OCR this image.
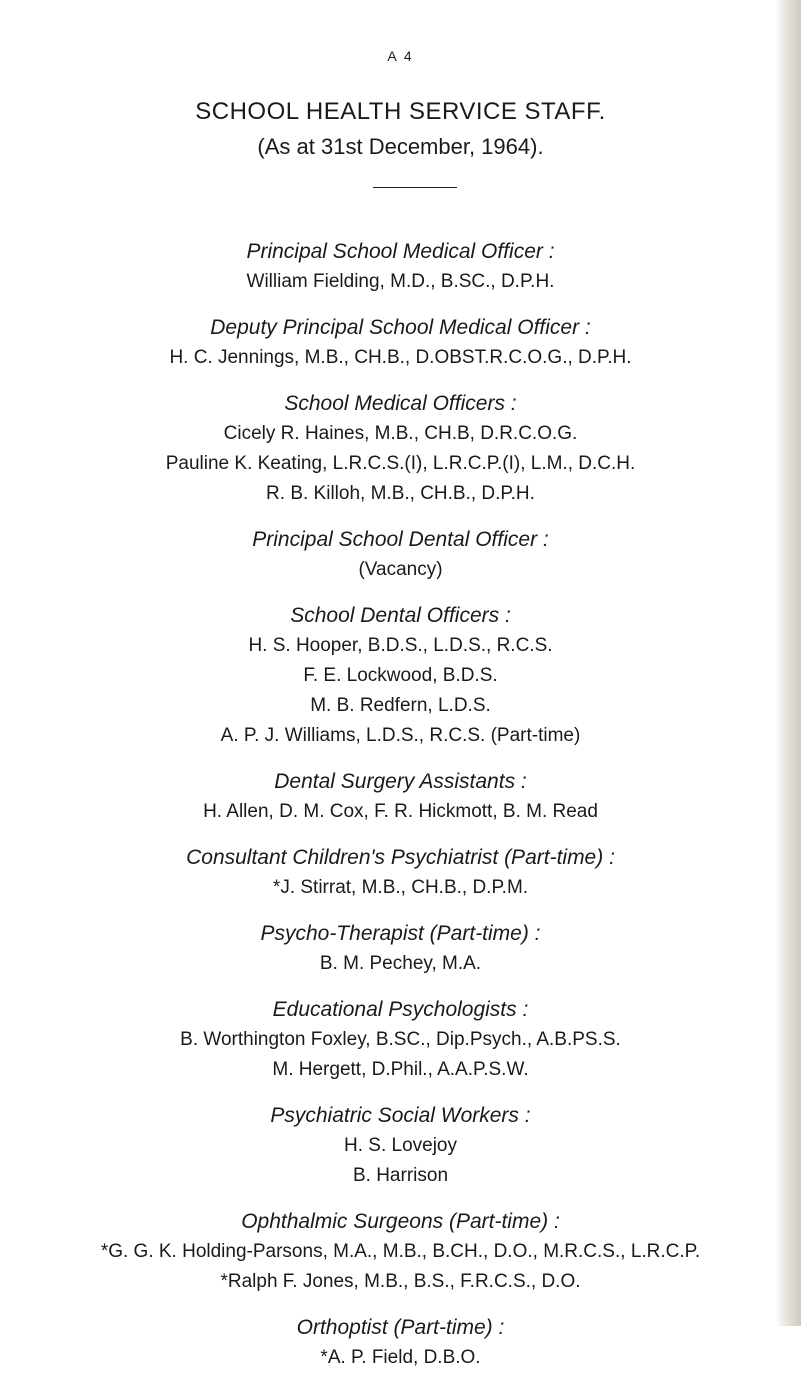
A 4
SCHOOL HEALTH SERVICE STAFF.
(As at 31st December, 1964).
Principal School Medical Officer :
William Fielding, M.D., B.SC., D.P.H.
Deputy Principal School Medical Officer :
H. C. Jennings, M.B., CH.B., D.OBST.R.C.O.G., D.P.H.
School Medical Officers :
Cicely R. Haines, M.B., CH.B, D.R.C.O.G.
Pauline K. Keating, L.R.C.S.(I), L.R.C.P.(I), L.M., D.C.H.
R. B. Killoh, M.B., CH.B., D.P.H.
Principal School Dental Officer :
(Vacancy)
School Dental Officers :
H. S. Hooper, B.D.S., L.D.S., R.C.S.
F. E. Lockwood, B.D.S.
M. B. Redfern, L.D.S.
A. P. J. Williams, L.D.S., R.C.S. (Part-time)
Dental Surgery Assistants :
H. Allen, D. M. Cox, F. R. Hickmott, B. M. Read
Consultant Children's Psychiatrist (Part-time) :
*J. Stirrat, M.B., CH.B., D.P.M.
Psycho-Therapist (Part-time) :
B. M. Pechey, M.A.
Educational Psychologists :
B. Worthington Foxley, B.SC., Dip.Psych., A.B.PS.S.
M. Hergett, D.Phil., A.A.P.S.W.
Psychiatric Social Workers :
H. S. Lovejoy
B. Harrison
Ophthalmic Surgeons (Part-time) :
*G. G. K. Holding-Parsons, M.A., M.B., B.CH., D.O., M.R.C.S., L.R.C.P.
*Ralph F. Jones, M.B., B.S., F.R.C.S., D.O.
Orthoptist (Part-time) :
*A. P. Field, D.B.O.
